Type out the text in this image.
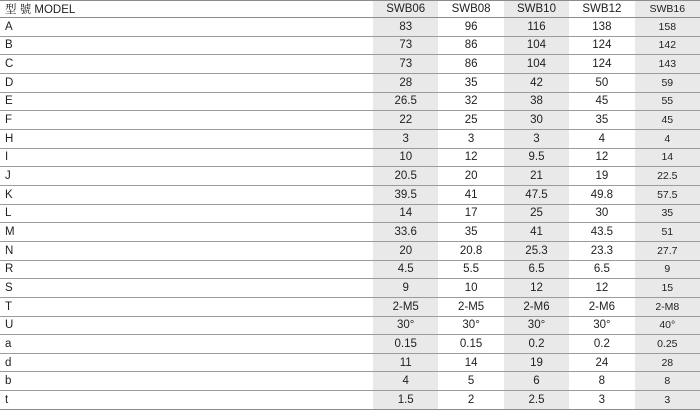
型 號 MODEL	SWB06	SWB08	SWB10	SWB12	SWB16
A	83	96	116	138	158
B	73	86	104	124	142
C	73	86	104	124	143
D	28	35	42	50	59
E	26.5	32	38	45	55
F	22	25	30	35	45
H	3	3	3	4	4
I	10	12	9.5	12	14
J	20.5	20	21	19	22.5
K	39.5	41	47.5	49.8	57.5
L	14	17	25	30	35
M	33.6	35	41	43.5	51
N	20	20.8	25.3	23.3	27.7
R	4.5	5.5	6.5	6.5	9
S	9	10	12	12	15
T	2-M5	2-M5	2-M6	2-M6	2-M8
U	30°	30°	30°	30°	40°
a	0.15	0.15	0.2	0.2	0.25
d	11	14	19	24	28
b	4	5	6	8	8
t	1.5	2	2.5	3	3
